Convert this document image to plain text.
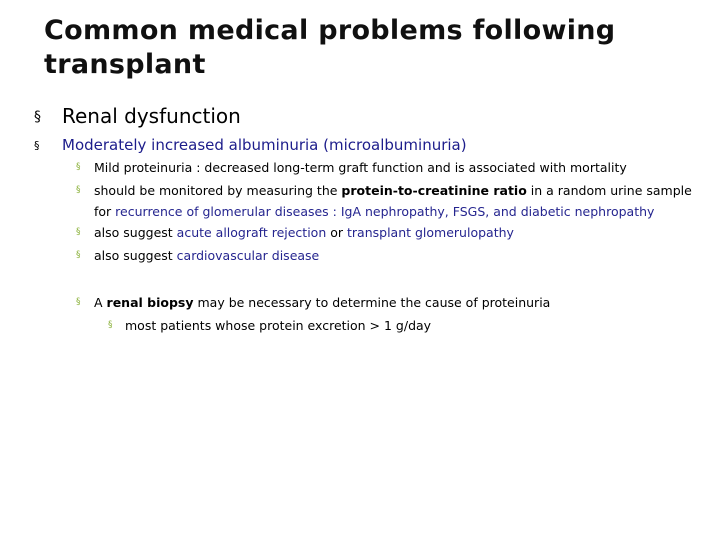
Common medical problems following transplant
§ Renal dysfunction
§ Moderately increased albuminuria (microalbuminuria)
§ Mild proteinuria : decreased long-term graft function and is associated with mortality
§ should be monitored by measuring the protein-to-creatinine ratio in a random urine sample for recurrence of glomerular diseases : IgA nephropathy, FSGS, and diabetic nephropathy
§ also suggest acute allograft rejection or transplant glomerulopathy
§ also suggest cardiovascular disease
§ A renal biopsy may be necessary to determine the cause of proteinuria
§ most patients whose protein excretion > 1 g/day
